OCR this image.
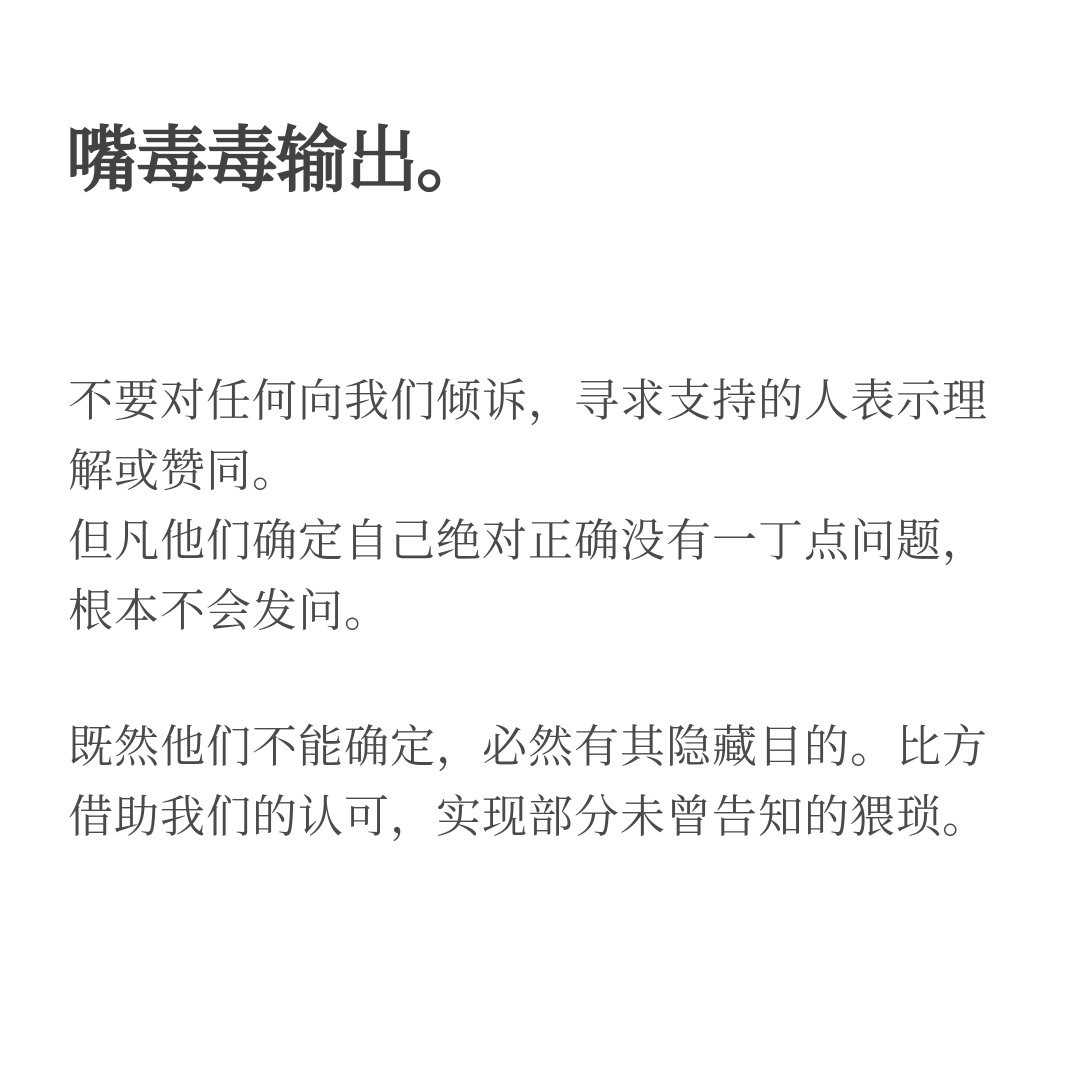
嘴毒毒输出。
不要对任何向我们倾诉，寻求支持的人表示理
解或赞同。
但凡他们确定自己绝对正确没有一丁点问题，
根本不会发问。
既然他们不能确定，必然有其隐藏目的。比方
借助我们的认可，实现部分未曾告知的猥琐。
